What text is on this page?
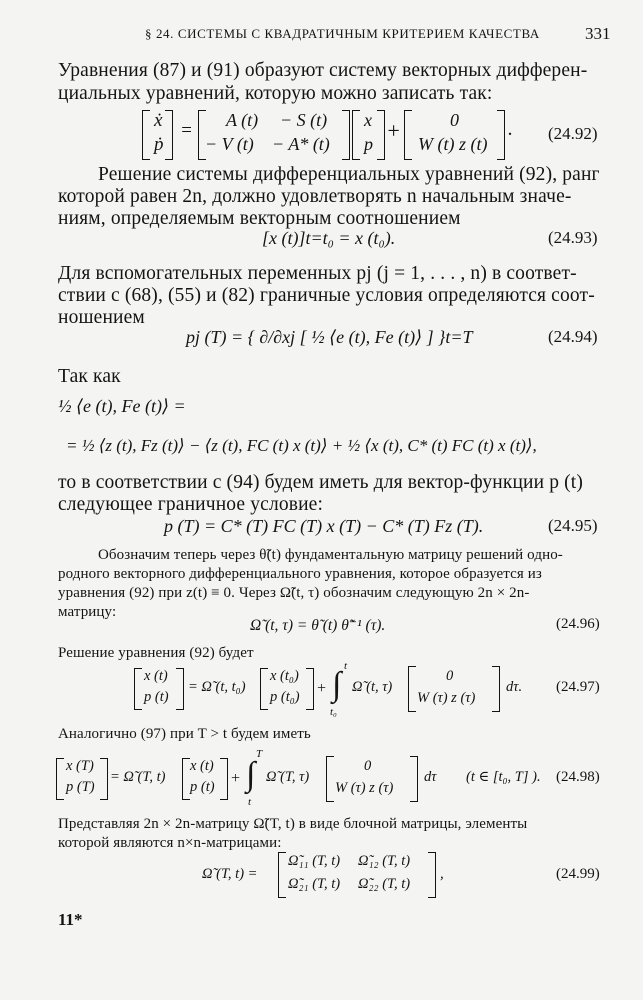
§ 24. СИСТЕМЫ С КВАДРАТИЧНЫМ КРИТЕРИЕМ КАЧЕСТВА	331
Уравнения (87) и (91) образуют систему векторных дифферен-
циальных уравнений, которую можно записать так:
ẋ
ṗ
= A (t) − S (t)
− V (t) − A* (t)
x
p
+	0
W (t) z (t)
. (24.92)
Решение системы дифференциальных уравнений (92), ранг
которой равен 2n, должно удовлетворять n начальным значе-
ниям, определяемым векторным соотношением
[x (t)]t=t₀ = x (t₀).	(24.93)
Для вспомогательных переменных pj (j = 1, . . . , n) в соответ-
ствии с (68), (55) и (82) граничные условия определяются соот-
ношением
pj (T) = { ∂/∂xj [ ½ ⟨e (t), Fe (t)⟩ ] }t=T	(24.94)
Так как
½ ⟨e (t), Fe (t)⟩ =
= ½ ⟨z (t), Fz (t)⟩ − ⟨z (t), FC (t) x (t)⟩ + ½ ⟨x (t), C* (t) FC (t) x (t)⟩,
то в соответствии с (94) будем иметь для вектор-функции p (t)
следующее граничное условие:
p (T) = C* (T) FC (T) x (T) − C* (T) Fz (T).	(24.95)
Обозначим теперь через θ̃(t) фундаментальную матрицу решений одно-
родного векторного дифференциального уравнения, которое образуется из
уравнения (92) при z(t) ≡ 0. Через Ω̃(t, τ) обозначим следующую 2n × 2n-
матрицу:
Ω̃ (t, τ) = θ̃ (t) θ̃⁻¹ (τ).	(24.96)
Решение уравнения (92) будет
x (t)
p (t)
= Ω̃ (t, t₀)
x (t₀)
p (t₀) +
t
∫
t₀
Ω̃ (t, τ)
0
W (τ) z (τ)
dτ. (24.97)
Аналогично (97) при T > t будем иметь
x (T)
p (T)
= Ω̃ (T, t)
x (t)
p (t) +
T
∫
t
Ω̃ (T, τ)
0
W (τ) z (τ)
dτ (t ∈ [t₀, T] ). (24.98)
Представляя 2n × 2n-матрицу Ω̃(T, t) в виде блочной матрицы, элементы
которой являются n×n-матрицами:
Ω̃ (T, t) =
Ω̃₁₁ (T, t) Ω̃₁₂ (T, t)
Ω̃₂₁ (T, t) Ω̃₂₂ (T, t)
,	(24.99)
11*
